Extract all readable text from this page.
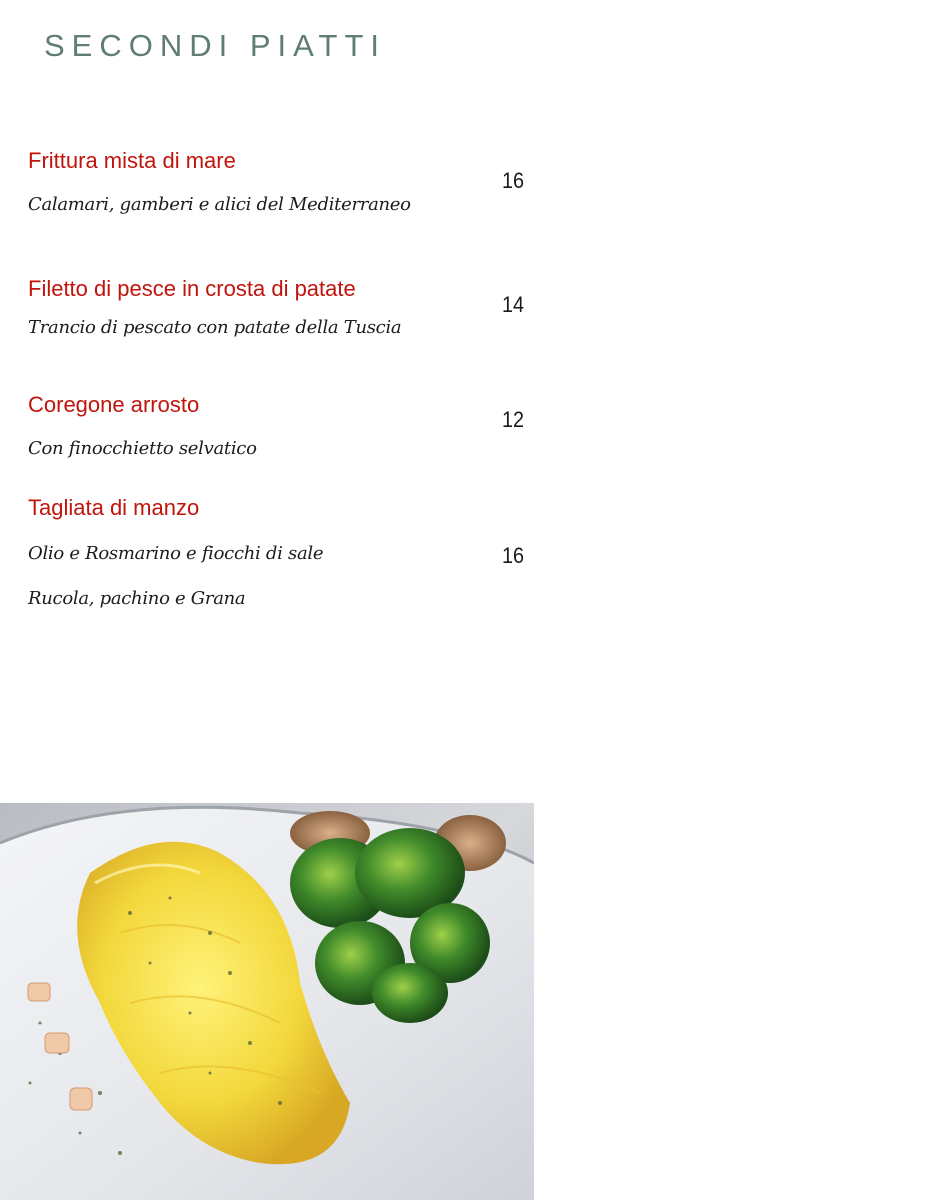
SECONDI PIATTI

Frittura mista di mare

Calamari, gamberi e alici del Mediterraneo

16

Filetto di pesce in crosta di patate

Trancio di pescato con patate della Tuscia

14

Coregone arrosto

Con finocchietto selvatico

12

Tagliata di manzo

Olio e Rosmarino e fiocchi di sale

Rucola, pachino e Grana

16
